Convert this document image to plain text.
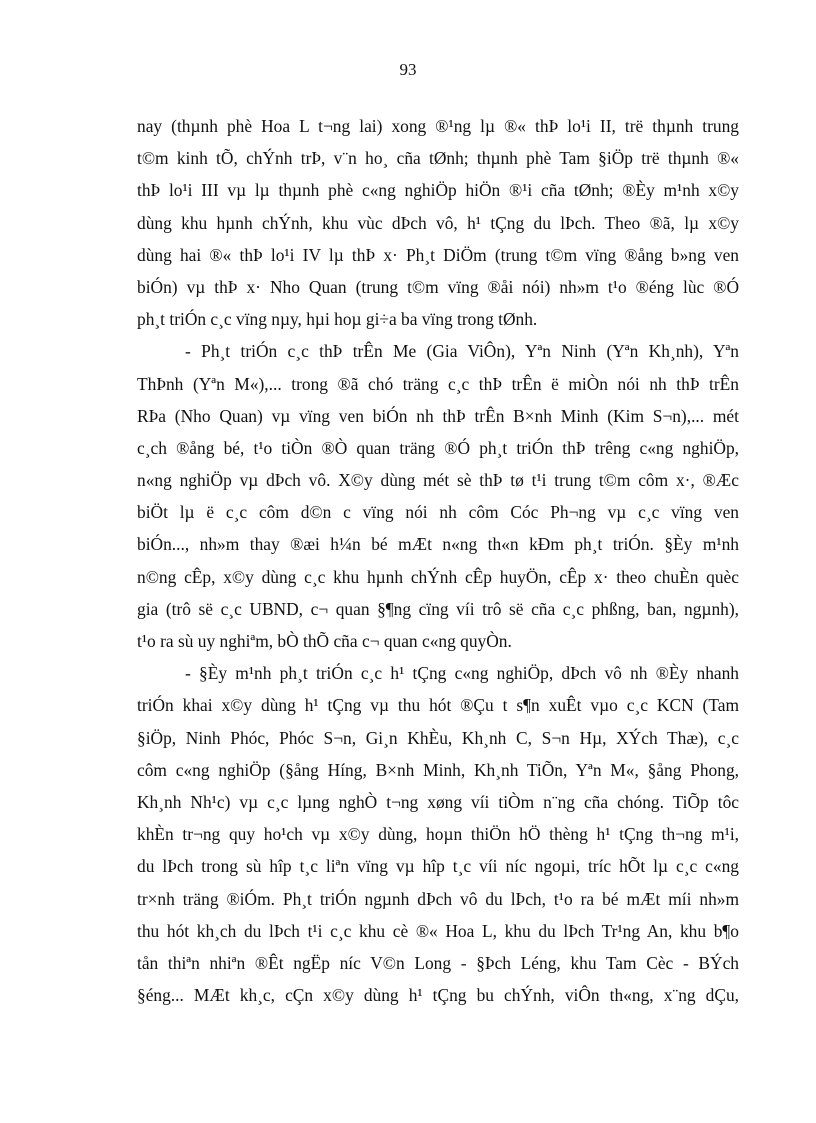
93
nay (thµnh phè Hoa L t¬ng lai) xong ®¹ng lµ ®« thÞ lo¹i II, trë thµnh trung
t©m kinh tÕ, chÝnh trÞ, v¨n ho¸ cña tØnh; thµnh phè Tam §iÖp trë thµnh ®«
thÞ lo¹i III vµ lµ thµnh phè c«ng nghiÖp hiÖn ®¹i cña tØnh; ®Èy m¹nh x©y
dùng khu hµnh chÝnh, khu vùc dÞch vô, h¹ tÇng du lÞch. Theo ®ã, lµ x©y
dùng hai ®« thÞ lo¹i IV lµ thÞ x· Ph¸t DiÖm (trung t©m vïng ®ång b»ng ven
biÓn) vµ thÞ x· Nho Quan (trung t©m vïng ®åi nói) nh»m t¹o ®éng lùc ®Ó
ph¸t triÓn c¸c vïng nµy, hµi hoµ gi÷a ba vïng trong tØnh.
- Ph¸t triÓn c¸c thÞ trÊn Me (Gia ViÔn), Yªn Ninh (Yªn Kh¸nh), Yªn
ThÞnh (Yªn M«),... trong ®ã chó träng c¸c thÞ trÊn ë miÒn nói nh thÞ trÊn
RÞa (Nho Quan) vµ vïng ven biÓn nh thÞ trÊn B×nh Minh (Kim S¬n),... mét
c¸ch ®ång bé, t¹o tiÒn ®Ò quan träng ®Ó ph¸t triÓn thÞ trêng c«ng nghiÖp,
n«ng nghiÖp vµ dÞch vô. X©y dùng mét sè thÞ tø t¹i trung t©m côm x·, ®Æc
biÖt lµ ë c¸c côm d©n c vïng nói nh côm Cóc Ph¬ng vµ c¸c vïng ven
biÓn..., nh»m thay ®æi h¼n bé mÆt n«ng th«n kÐm ph¸t triÓn. §Èy m¹nh
n©ng cÊp, x©y dùng c¸c khu hµnh chÝnh cÊp huyÖn, cÊp x· theo chuÈn quèc
gia (trô së c¸c UBND, c¬ quan §¶ng cïng víi trô së cña c¸c phßng, ban, ngµnh),
t¹o ra sù uy nghiªm, bÒ thÕ cña c¬ quan c«ng quyÒn.
- §Èy m¹nh ph¸t triÓn c¸c h¹ tÇng c«ng nghiÖp, dÞch vô nh ®Èy nhanh
triÓn khai x©y dùng h¹ tÇng vµ thu hót ®Çu t s¶n xuÊt vµo c¸c KCN (Tam
§iÖp, Ninh Phóc, Phóc S¬n, Gi¸n KhÈu, Kh¸nh C, S¬n Hµ, XÝch Thæ), c¸c
côm c«ng nghiÖp (§ång Híng, B×nh Minh, Kh¸nh TiÕn, Yªn M«, §ång Phong,
Kh¸nh Nh¹c) vµ c¸c lµng nghÒ t¬ng xøng víi tiÒm n¨ng cña chóng. TiÕp tôc
khÈn tr¬ng quy ho¹ch vµ x©y dùng, hoµn thiÖn hÖ thèng h¹ tÇng th¬ng m¹i,
du lÞch trong sù hîp t¸c liªn vïng vµ hîp t¸c víi níc ngoµi, tríc hÕt lµ c¸c c«ng
tr×nh träng ®iÓm. Ph¸t triÓn ngµnh dÞch vô du lÞch, t¹o ra bé mÆt míi nh»m
thu hót kh¸ch du lÞch t¹i c¸c khu cè ®« Hoa L, khu du lÞch Tr¹ng An, khu b¶o
tån thiªn nhiªn ®Êt ngËp níc V©n Long - §Þch Léng, khu Tam Cèc - BÝch
§éng... MÆt kh¸c, cÇn x©y dùng h¹ tÇng bu chÝnh, viÔn th«ng, x¨ng dÇu,
